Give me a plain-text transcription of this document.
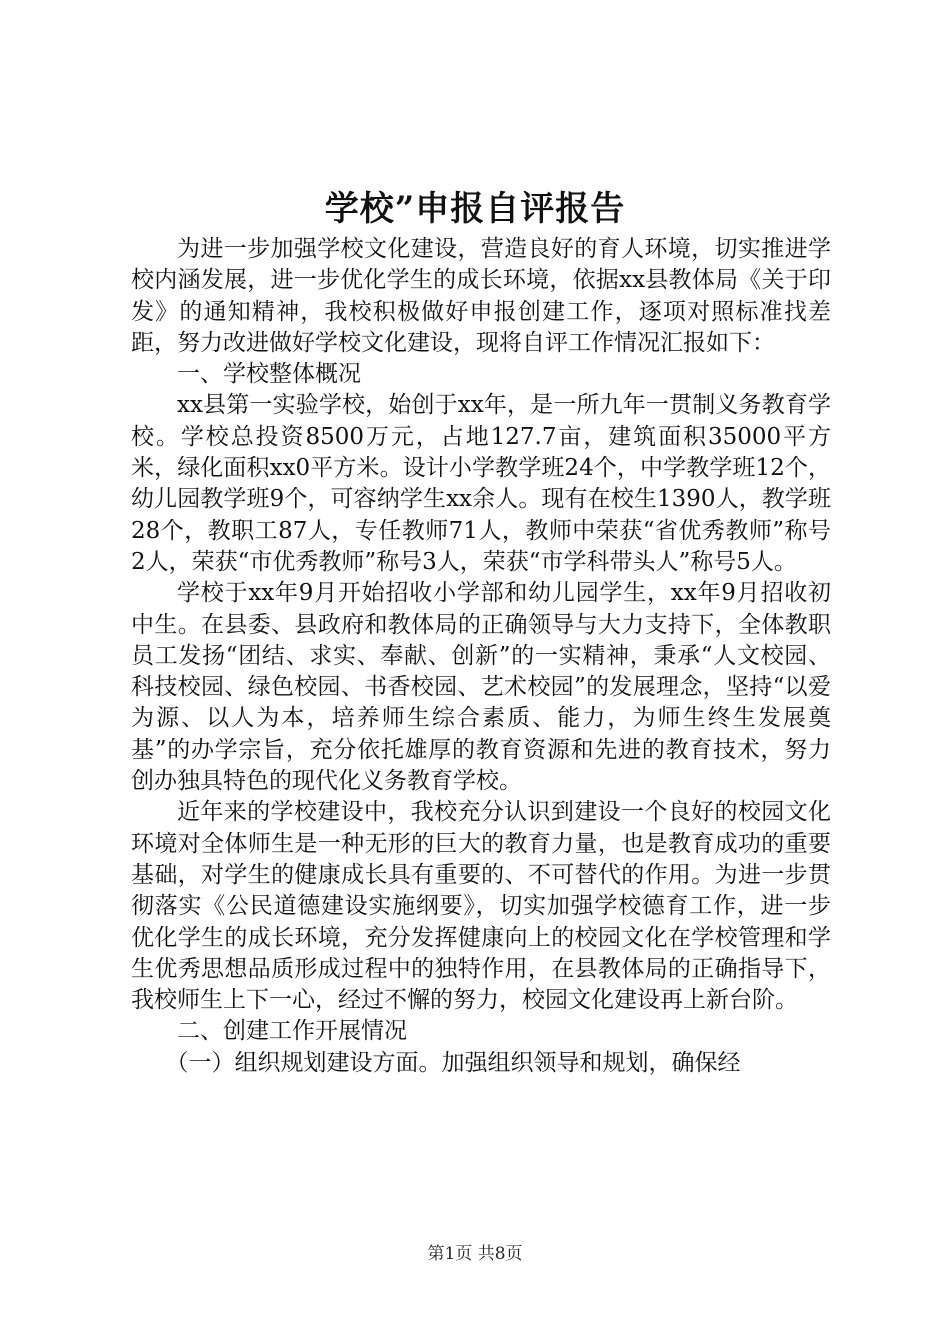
学校”申报自评报告

为进一步加强学校文化建设，营造良好的育人环境，切实推进学校内涵发展，进一步优化学生的成长环境，依据xx县教体局《关于印发》的通知精神，我校积极做好申报创建工作，逐项对照标准找差距，努力改进做好学校文化建设，现将自评工作情况汇报如下：

一、学校整体概况

xx县第一实验学校，始创于xx年，是一所九年一贯制义务教育学校。学校总投资8500万元，占地127.7亩，建筑面积35000平方米，绿化面积xx0平方米。设计小学教学班24个，中学教学班12个，幼儿园教学班9个，可容纳学生xx余人。现有在校生1390人，教学班28个，教职工87人，专任教师71人，教师中荣获“省优秀教师”称号2人，荣获“市优秀教师”称号3人，荣获“市学科带头人”称号5人。

学校于xx年9月开始招收小学部和幼儿园学生，xx年9月招收初中生。在县委、县政府和教体局的正确领导与大力支持下，全体教职员工发扬“团结、求实、奉献、创新”的一实精神，秉承“人文校园、科技校园、绿色校园、书香校园、艺术校园”的发展理念，坚持“以爱为源、以人为本，培养师生综合素质、能力，为师生终生发展奠基”的办学宗旨，充分依托雄厚的教育资源和先进的教育技术，努力创办独具特色的现代化义务教育学校。

近年来的学校建设中，我校充分认识到建设一个良好的校园文化环境对全体师生是一种无形的巨大的教育力量，也是教育成功的重要基础，对学生的健康成长具有重要的、不可替代的作用。为进一步贯彻落实《公民道德建设实施纲要》，切实加强学校德育工作，进一步优化学生的成长环境，充分发挥健康向上的校园文化在学校管理和学生优秀思想品质形成过程中的独特作用，在县教体局的正确指导下，我校师生上下一心，经过不懈的努力，校园文化建设再上新台阶。

二、创建工作开展情况

（一）组织规划建设方面。加强组织领导和规划，确保经

第1页 共8页
